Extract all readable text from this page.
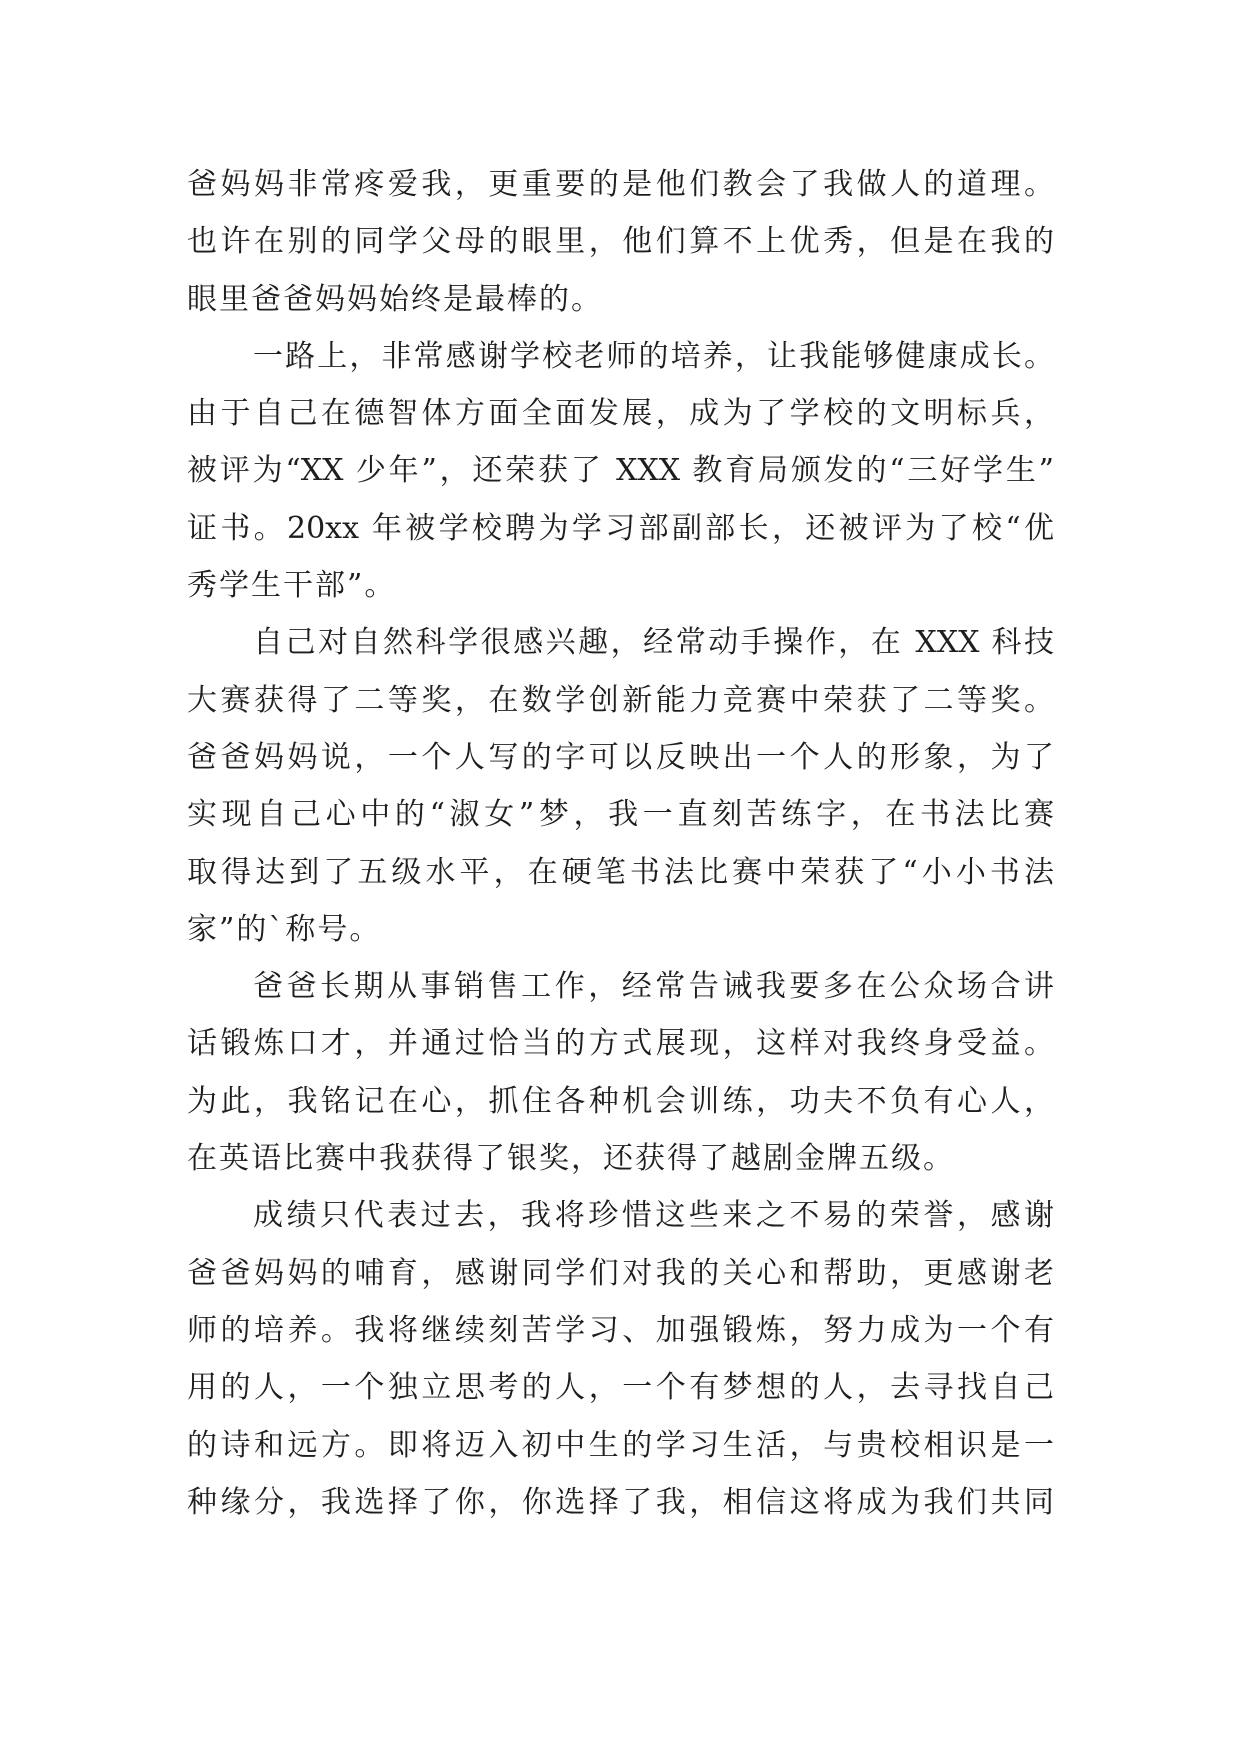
爸妈妈非常疼爱我，更重要的是他们教会了我做人的道理。
也许在别的同学父母的眼里，他们算不上优秀，但是在我的
眼里爸爸妈妈始终是最棒的。
一路上，非常感谢学校老师的培养，让我能够健康成长。
由于自己在德智体方面全面发展，成为了学校的文明标兵，
被评为“XX 少年”，还荣获了 XXX 教育局颁发的“三好学生”
证书。20xx 年被学校聘为学习部副部长，还被评为了校“优
秀学生干部”。
自己对自然科学很感兴趣，经常动手操作，在 XXX 科技
大赛获得了二等奖，在数学创新能力竞赛中荣获了二等奖。
爸爸妈妈说，一个人写的字可以反映出一个人的形象，为了
实现自己心中的“淑女”梦，我一直刻苦练字，在书法比赛
取得达到了五级水平，在硬笔书法比赛中荣获了“小小书法
家”的`称号。
爸爸长期从事销售工作，经常告诫我要多在公众场合讲
话锻炼口才，并通过恰当的方式展现，这样对我终身受益。
为此，我铭记在心，抓住各种机会训练，功夫不负有心人，
在英语比赛中我获得了银奖，还获得了越剧金牌五级。
成绩只代表过去，我将珍惜这些来之不易的荣誉，感谢
爸爸妈妈的哺育，感谢同学们对我的关心和帮助，更感谢老
师的培养。我将继续刻苦学习、加强锻炼，努力成为一个有
用的人，一个独立思考的人，一个有梦想的人，去寻找自己
的诗和远方。即将迈入初中生的学习生活，与贵校相识是一
种缘分，我选择了你，你选择了我，相信这将成为我们共同
